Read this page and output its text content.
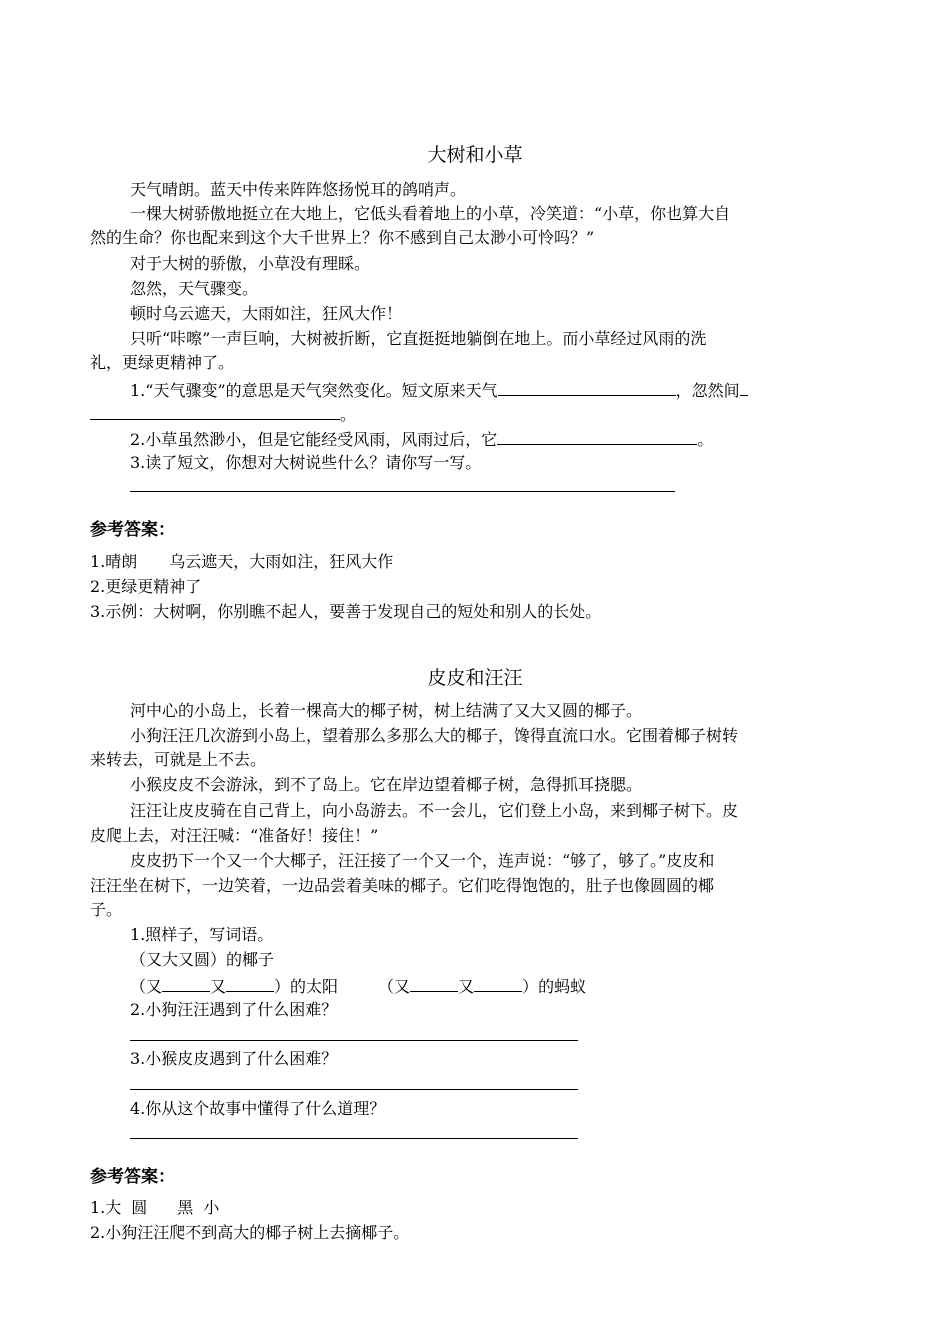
大树和小草
天气晴朗。蓝天中传来阵阵悠扬悦耳的鸽哨声。
一棵大树骄傲地挺立在大地上，它低头看着地上的小草，冷笑道：“小草，你也算大自
然的生命？你也配来到这个大千世界上？你不感到自己太渺小可怜吗？”
对于大树的骄傲，小草没有理睬。
忽然，天气骤变。
顿时乌云遮天，大雨如注，狂风大作！
只听“咔嚓”一声巨响，大树被折断，它直挺挺地躺倒在地上。而小草经过风雨的洗
礼，更绿更精神了。
1.“天气骤变”的意思是天气突然变化。短文原来天气	，忽然间
。
2.小草虽然渺小，但是它能经受风雨，风雨过后，它	。
3.读了短文，你想对大树说些什么？请你写一写。
参考答案：
1.晴朗 乌云遮天，大雨如注，狂风大作
2.更绿更精神了
3.示例：大树啊，你别瞧不起人，要善于发现自己的短处和别人的长处。
皮皮和汪汪
河中心的小岛上，长着一棵高大的椰子树，树上结满了又大又圆的椰子。
小狗汪汪几次游到小岛上，望着那么多那么大的椰子，馋得直流口水。它围着椰子树转
来转去，可就是上不去。
小猴皮皮不会游泳，到不了岛上。它在岸边望着椰子树，急得抓耳挠腮。
汪汪让皮皮骑在自己背上，向小岛游去。不一会儿，它们登上小岛，来到椰子树下。皮
皮爬上去，对汪汪喊：“准备好！接住！”
皮皮扔下一个又一个大椰子，汪汪接了一个又一个，连声说：“够了，够了。”皮皮和
汪汪坐在树下，一边笑着，一边品尝着美味的椰子。它们吃得饱饱的，肚子也像圆圆的椰
子。
1.照样子，写词语。
（又大又圆）的椰子
（又	又	）的太阳	（又	又	）的蚂蚁
2.小狗汪汪遇到了什么困难？
3.小猴皮皮遇到了什么困难？
4.你从这个故事中懂得了什么道理？
参考答案：
1.大 圆 黑 小
2.小狗汪汪爬不到高大的椰子树上去摘椰子。
